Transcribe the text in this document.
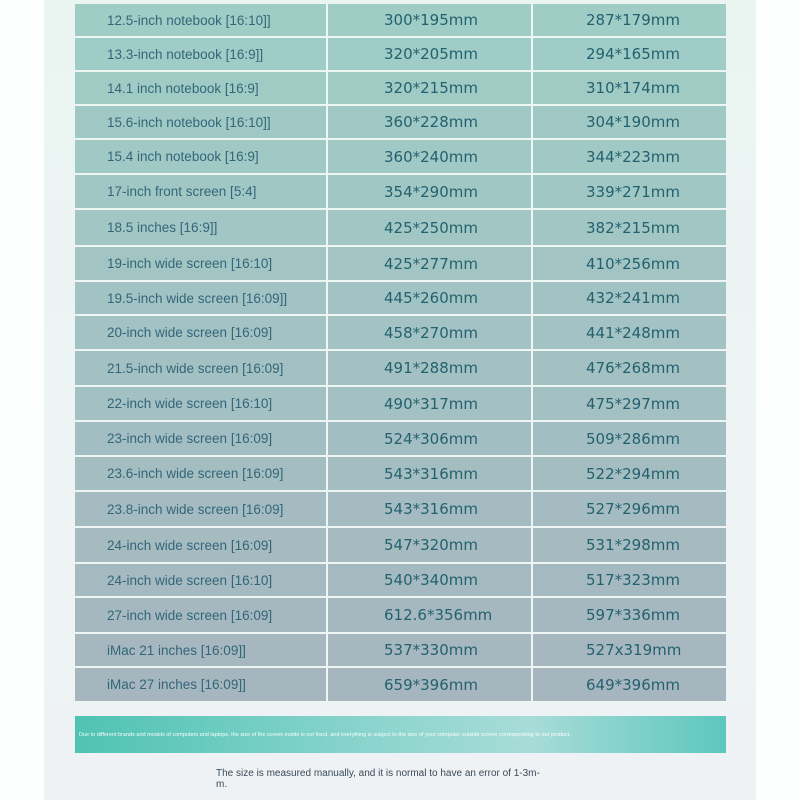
12.5-inch notebook [16:10]]	300*195mm	287*179mm
13.3-inch notebook [16:9]]	320*205mm	294*165mm
14.1 inch notebook [16:9]	320*215mm	310*174mm
15.6-inch notebook [16:10]]	360*228mm	304*190mm
15.4 inch notebook [16:9]	360*240mm	344*223mm
17-inch front screen [5:4]	354*290mm	339*271mm
18.5 inches [16:9]]	425*250mm	382*215mm
19-inch wide screen [16:10]	425*277mm	410*256mm
19.5-inch wide screen [16:09]]	445*260mm	432*241mm
20-inch wide screen [16:09]	458*270mm	441*248mm
21.5-inch wide screen [16:09]	491*288mm	476*268mm
22-inch wide screen [16:10]	490*317mm	475*297mm
23-inch wide screen [16:09]	524*306mm	509*286mm
23.6-inch wide screen [16:09]	543*316mm	522*294mm
23.8-inch wide screen [16:09]	543*316mm	527*296mm
24-inch wide screen [16:09]	547*320mm	531*298mm
24-inch wide screen [16:10]	540*340mm	517*323mm
27-inch wide screen [16:09]	612.6*356mm	597*336mm
iMac 21 inches [16:09]]	537*330mm	527x319mm
iMac 27 inches [16:09]]	659*396mm	649*396mm
Due to different brands and models of computers and laptops, the size of the screen inside is not fixed, and everything is subject to the size of your computer outside screen corresponding to our product.
The size is measured manually, and it is normal to have an error of 1-3m-m.
